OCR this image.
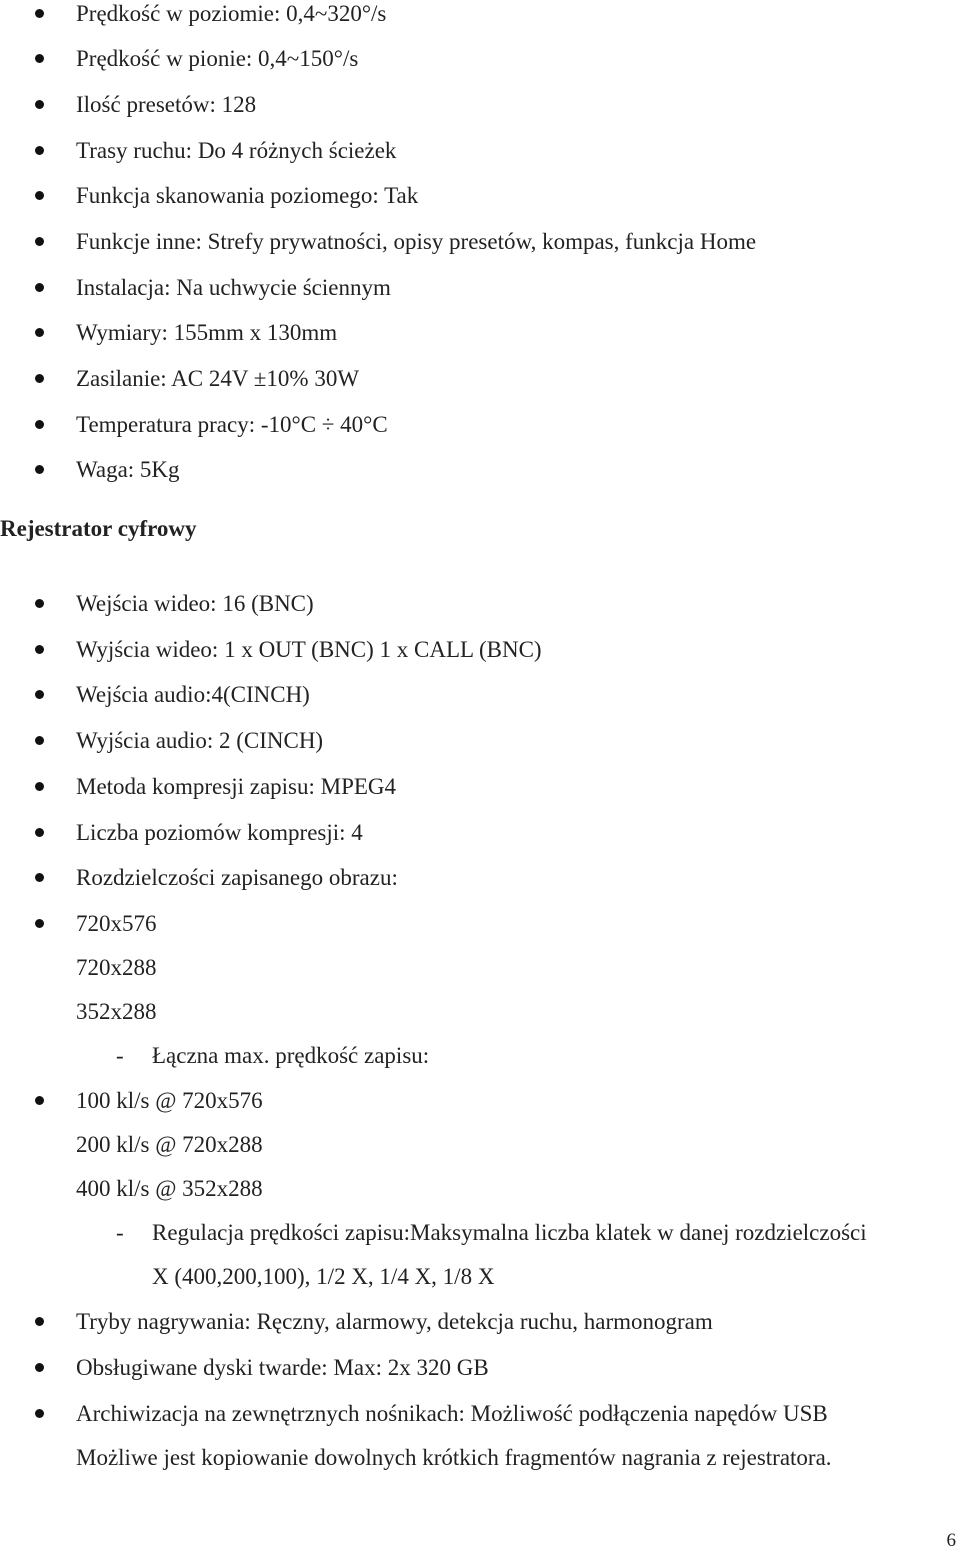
Prędkość w poziomie: 0,4~320°/s
Prędkość w pionie: 0,4~150°/s
Ilość presetów: 128
Trasy ruchu: Do 4 różnych ścieżek
Funkcja skanowania poziomego: Tak
Funkcje inne: Strefy prywatności, opisy presetów, kompas, funkcja Home
Instalacja: Na uchwycie ściennym
Wymiary: 155mm x 130mm
Zasilanie: AC 24V ±10% 30W
Temperatura pracy: -10°C ÷ 40°C
Waga: 5Kg
Rejestrator cyfrowy
Wejścia wideo: 16 (BNC)
Wyjścia wideo: 1 x OUT (BNC) 1 x CALL (BNC)
Wejścia audio:4(CINCH)
Wyjścia audio: 2 (CINCH)
Metoda kompresji zapisu: MPEG4
Liczba poziomów kompresji: 4
Rozdzielczości zapisanego obrazu:
720x576
720x288
352x288
- Łączna max. prędkość zapisu:
100 kl/s @ 720x576
200 kl/s @ 720x288
400 kl/s @ 352x288
- Regulacja prędkości zapisu:Maksymalna liczba klatek w danej rozdzielczości
X (400,200,100), 1/2 X, 1/4 X, 1/8 X
Tryby nagrywania: Ręczny, alarmowy, detekcja ruchu, harmonogram
Obsługiwane dyski twarde: Max: 2x 320 GB
Archiwizacja na zewnętrznych nośnikach: Możliwość podłączenia napędów USB
Możliwe jest kopiowanie dowolnych krótkich fragmentów nagrania z rejestratora.
6
